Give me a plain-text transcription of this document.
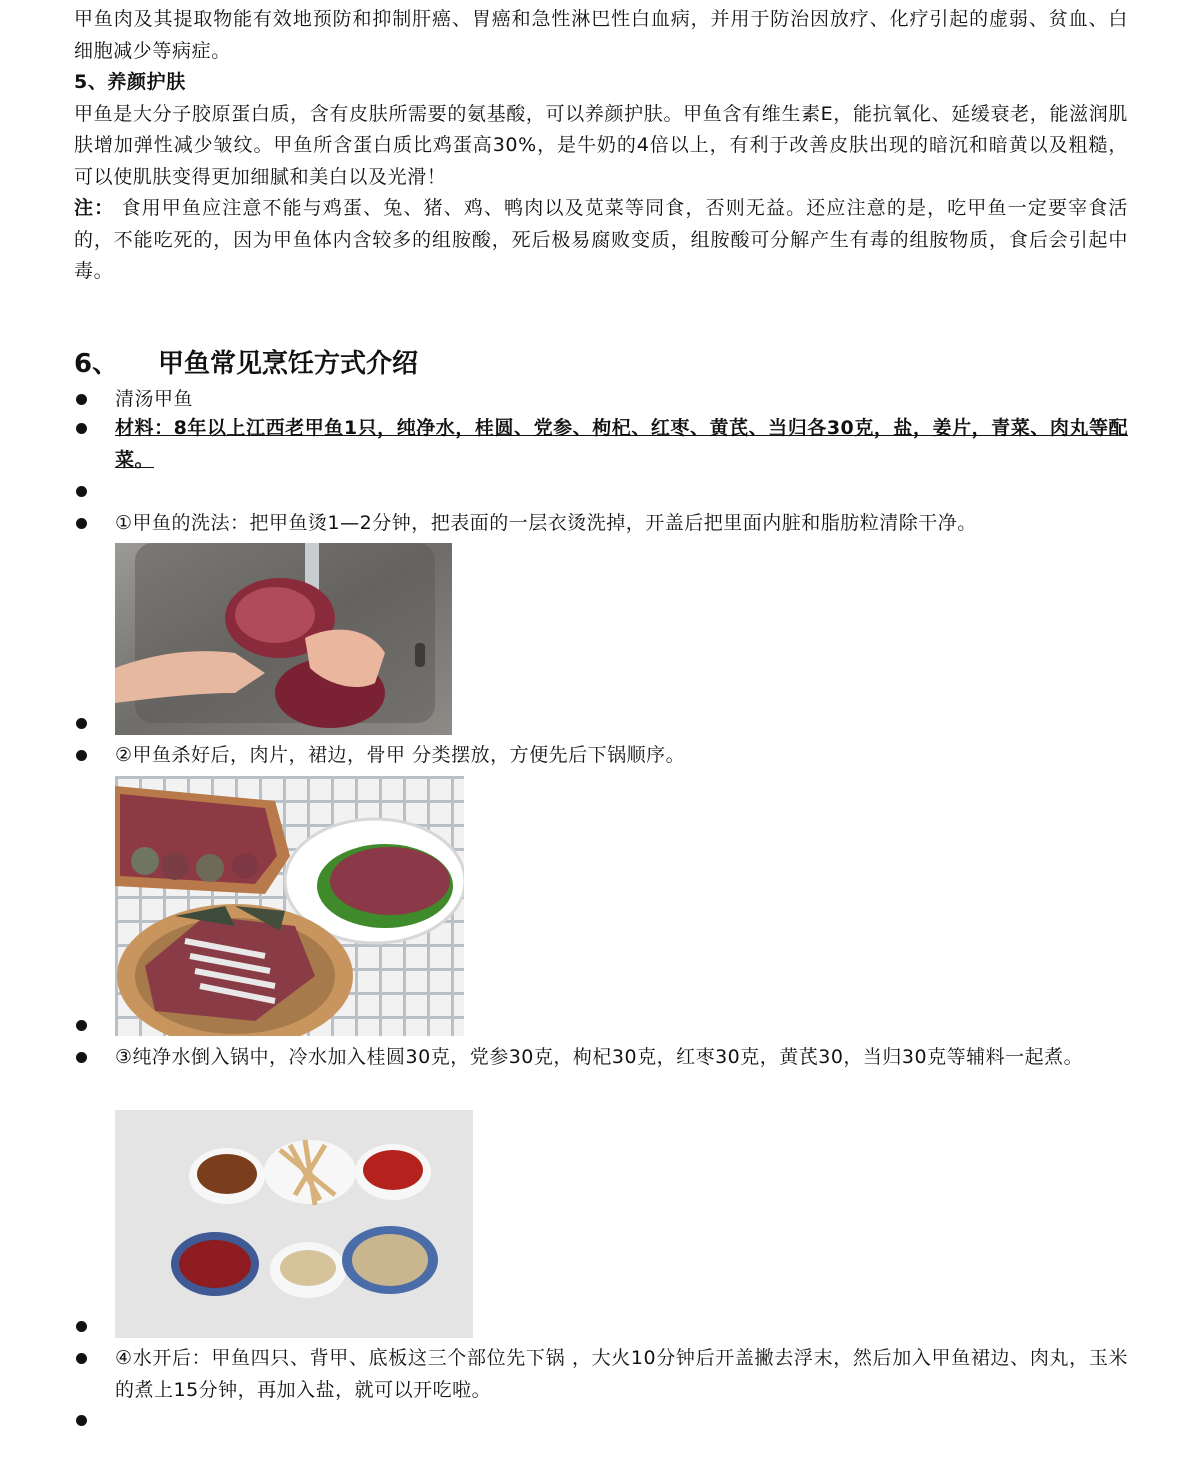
甲鱼肉及其提取物能有效地预防和抑制肝癌、胃癌和急性淋巴性白血病，并用于防治因放疗、化疗引起的虚弱、贫血、白细胞减少等病症。

5、养颜护肤

甲鱼是大分子胶原蛋白质，含有皮肤所需要的氨基酸，可以养颜护肤。甲鱼含有维生素E，能抗氧化、延缓衰老，能滋润肌肤增加弹性减少皱纹。甲鱼所含蛋白质比鸡蛋高30%，是牛奶的4倍以上，有利于改善皮肤出现的暗沉和暗黄以及粗糙，可以使肌肤变得更加细腻和美白以及光滑！

注： 食用甲鱼应注意不能与鸡蛋、兔、猪、鸡、鸭肉以及苋菜等同食，否则无益。还应注意的是，吃甲鱼一定要宰食活的，不能吃死的，因为甲鱼体内含较多的组胺酸，死后极易腐败变质，组胺酸可分解产生有毒的组胺物质，食后会引起中毒。

6、 甲鱼常见烹饪方式介绍
清汤甲鱼
材料：8年以上江西老甲鱼1只，纯净水，桂圆、党参、枸杞、红枣、黄芪、当归各30克，盐，姜片，青菜、肉丸等配菜。
①甲鱼的洗法：把甲鱼烫1—2分钟，把表面的一层衣烫洗掉，开盖后把里面内脏和脂肪粒清除干净。
②甲鱼杀好后，肉片，裙边，骨甲 分类摆放，方便先后下锅顺序。
③纯净水倒入锅中，冷水加入桂圆30克，党参30克，枸杞30克，红枣30克，黄芪30，当归30克等辅料一起煮。
④水开后：甲鱼四只、背甲、底板这三个部位先下锅 ，大火10分钟后开盖撇去浮末，然后加入甲鱼裙边、肉丸，玉米的煮上15分钟，再加入盐，就可以开吃啦。
